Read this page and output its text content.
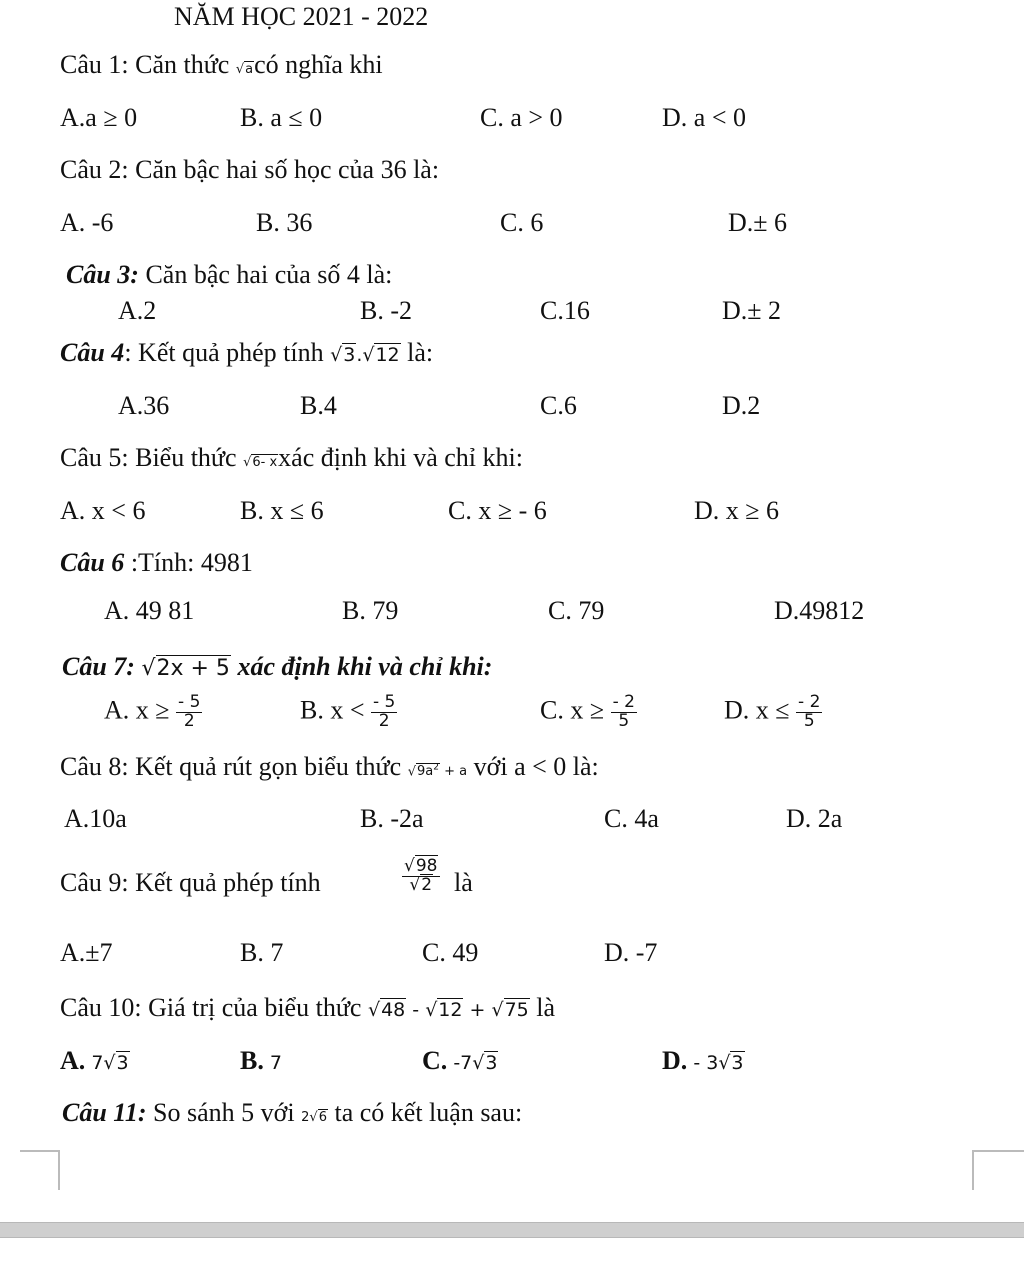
NĂM HỌC 2021 - 2022
Câu 1: Căn thức √acó nghĩa khi
A.a ≥ 0	B. a ≤ 0	C. a > 0	D. a < 0
Câu 2: Căn bậc hai số học của 36 là:
A. -6	B. 36	C. 6	D.± 6
Câu 3: Căn bậc hai của số 4 là:
A.2	B. -2	C.16	D.± 2
Câu 4: Kết quả phép tính √3.√12 là:
A.36	B.4	C.6	D.2
Câu 5: Biểu thức √6- xxác định khi và chỉ khi:
A. x < 6	B. x ≤ 6	C. x ≥ - 6	D. x ≥ 6
Câu 6 :Tính: 4981
A. 49 81	B. 79	C. 79	D.49812
Câu 7: √2x + 5 xác định khi và chỉ khi:
A. $x \ge \frac{- 5}{2}$	B. $x < \frac{- 5}{2}$	C. $x \ge \frac{- 2}{5}$	D. $x \le \frac{- 2}{5}$
Câu 8: Kết quả rút gọn biểu thức $√9a^2 + a$ với a < 0 là:
A.10a	B. -2a	C. 4a	D. 2a
Câu 9: Kết quả phép tính	$\frac{√98}{√2}$ là
A.±7	B. 7	C. 49	D. -7
Câu 10: Giá trị của biểu thức √48 - √12 + √75 là
A. 7√3	B. 7	C. -7√3	D. - 3√3
Câu 11: So sánh 5 với 2√6 ta có kết luận sau:
